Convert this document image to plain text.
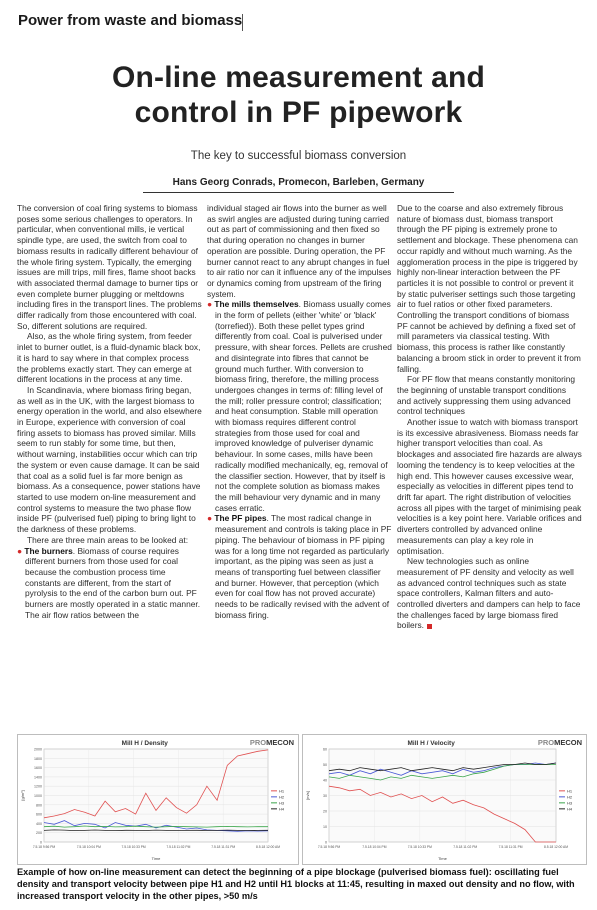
Power from waste and biomass
On-line measurement and
control in PF pipework
The key to successful biomass conversion
Hans Georg Conrads, Promecon, Barleben, Germany

The conversion of coal firing systems to biomass poses some serious challenges to operators. In particular, when conventional mills, ie vertical spindle type, are used, the switch from coal to biomass results in radically different behaviour of the whole firing system. Typically, the emerging issues are mill trips, mill fires, flame shoot backs with associated thermal damage to burner tips or even complete burner plugging or meltdowns including fires in the transport lines. The problems differ radically from those encountered with coal. So, different solutions are required.

Also, as the whole firing system, from feeder inlet to burner outlet, is a fluid-dynamic black box, it is hard to say where in that complex process the problems exactly start. They can emerge at different locations in the process at any time.

In Scandinavia, where biomass firing began, as well as in the UK, with the largest biomass to energy operation in the world, and also elsewhere in Europe, experience with conversion of coal firing assets to biomass has proved similar. Mills seem to run stably for some time, but then, without warning, instabilities occur which can trip the system or even cause damage. It can be said that coal as a solid fuel is far more benign as biomass. As a consequence, power stations have started to use modern on-line measurement and control systems to measure the two phase flow inside PF (pulverised fuel) piping to bring light to the darkness of these problems.

There are three main areas to be looked at:

● The burners. Biomass of course requires different burners from those used for coal because the combustion process time constants are different, from the start of pyrolysis to the end of the carbon burn out. PF burners are mostly operated in a static manner. The air flow ratios between the

individual staged air flows into the burner as well as swirl angles are adjusted during tuning carried out as part of commissioning and then fixed so that during operation no changes in burner operation are possible. During operation, the PF burner cannot react to any abrupt changes in fuel to air ratio nor can it influence any of the impulses or dynamics coming from upstream of the firing system.

● The mills themselves. Biomass usually comes in the form of pellets (either 'white' or 'black' (torrefied)). Both these pellet types grind differently from coal. Coal is pulverised under pressure, with shear forces. Pellets are crushed and disintegrate into fibres that cannot be ground much further. With conversion to biomass firing, therefore, the milling process undergoes changes in terms of: filling level of the mill; roller pressure control; classification; and heat consumption. Stable mill operation with biomass requires different control strategies from those used for coal and improved knowledge of pulveriser dynamic behaviour. In some cases, mills have been radically modified mechanically, eg, removal of the classifier section. However, that by itself is not the complete solution as biomass makes the mill behaviour very dynamic and in many cases erratic.

● The PF pipes. The most radical change in measurement and controls is taking place in PF piping. The behaviour of biomass in PF piping was for a long time not regarded as particularly important, as the piping was seen as just a means of transporting fuel between classifier and burner. However, that perception (which even for coal flow has not proved accurate) needs to be radically revised with the advent of biomass firing.

Due to the coarse and also extremely fibrous nature of biomass dust, biomass transport through the PF piping is extremely prone to settlement and blockage. These phenomena can occur rapidly and without much warning. As the agglomeration process in the pipe is triggered by highly non-linear interaction between the PF particles it is not possible to control or prevent it by static pulveriser settings such those targeting air to fuel ratios or other fixed parameters. Controlling the transport conditions of biomass PF cannot be achieved by defining a fixed set of mill parameters via classical testing. With biomass, this process is rather like constantly balancing a broom stick in order to prevent it from falling.

For PF flow that means constantly monitoring the beginning of unstable transport conditions and actively suppressing them using advanced control techniques

Another issue to watch with biomass transport is its excessive abrasiveness. Biomass needs far higher transport velocities than coal. As blockages and associated fire hazards are always looming the tendency is to keep velocities at the high end. This however causes excessive wear, especially as velocities in different pipes tend to drift far apart. The right distribution of velocities across all pipes with the target of minimising peak velocities is a key point here. Variable orifices and diverters controlled by advanced online measurements can play a key role in optimisation.

New technologies such as online measurement of PF density and velocity as well as advanced control techniques such as state space controllers, Kalman filters and auto-controlled diverters and dampers can help to face the challenges faced by large biomass fired boilers.

Mill H / Density	PROMECON
0
200
400
600
800
1000
1200
1400
1600
1800
2000
[g/m³]
7.5.18 9:56 PM	7.5.18 10:04 PM	7.5.18 10:33 PM	7.5.18 11:02 PM	7.5.18 11:31 PM	8.5.18 12:00 AM
Time
H1
H2
H3
H4
Mill H / Velocity	PROMECON
0
10
20
30
40
50
60
[m/s]
7.5.18 9:56 PM	7.5.18 10:04 PM	7.5.18 10:33 PM	7.5.18 11:02 PM	7.5.18 11:31 PM	8.5.18 12:00 AM
Time
H1
H2
H3
H4
Example of how on-line measurement can detect the beginning of a pipe blockage (pulverised biomass fuel): oscillating fuel density and transport velocity between pipe H1 and H2 until H1 blocks at 11:45, resulting in maxed out density and no flow, with increased transport velocity in the other pipes, >50 m/s
